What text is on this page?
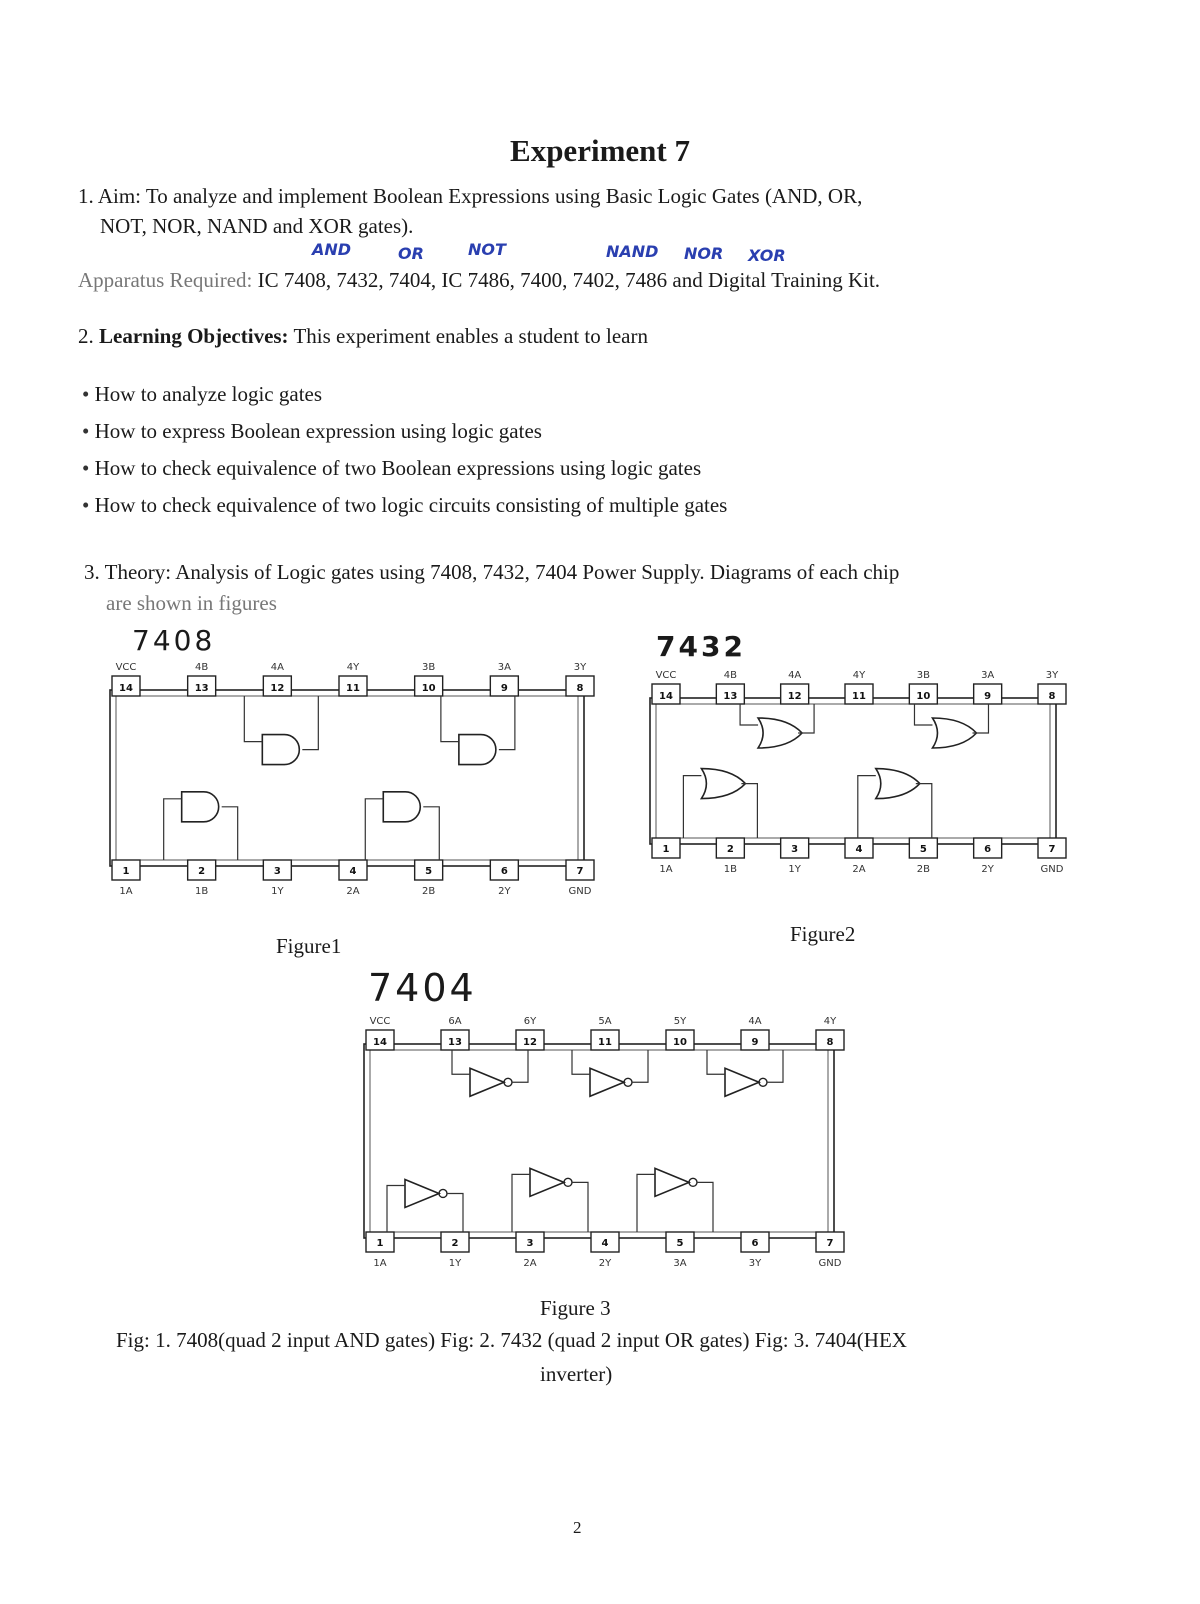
Experiment 7
1. Aim: To analyze and implement Boolean Expressions using Basic Logic Gates (AND, OR,
NOT, NOR, NAND and XOR gates).
AND	OR	NOT	NAND NOR XOR
Apparatus Required: IC 7408, 7432, 7404, IC 7486, 7400, 7402, 7486 and Digital Training Kit.
2. Learning Objectives: This experiment enables a student to learn
• How to analyze logic gates
• How to express Boolean expression using logic gates
• How to check equivalence of two Boolean expressions using logic gates
• How to check equivalence of two logic circuits consisting of multiple gates
3. Theory: Analysis of Logic gates using 7408, 7432, 7404 Power Supply. Diagrams of each chip
are shown in figures
7408
14
VCC
1
1A
13
4B
2
1B
12
4A
3
1Y
11
4Y
4
2A
10
3B
5
2B
9
3A
6
2Y
8
3Y
7
GND
Figure1
7432
14
VCC
1
1A
13
4B
2
1B
12
4A
3
1Y
11
4Y
4
2A
10
3B
5
2B
9
3A
6
2Y
8
3Y
7
GND
Figure2
7404
14
VCC
1
1A
13
6A
2
1Y
12
6Y
3
2A
11
5A
4
2Y
10
5Y
5
3A
9
4A
6
3Y
8
4Y
7
GND
Figure 3
Fig: 1. 7408(quad 2 input AND gates) Fig: 2. 7432 (quad 2 input OR gates) Fig: 3. 7404(HEX
inverter)
2
